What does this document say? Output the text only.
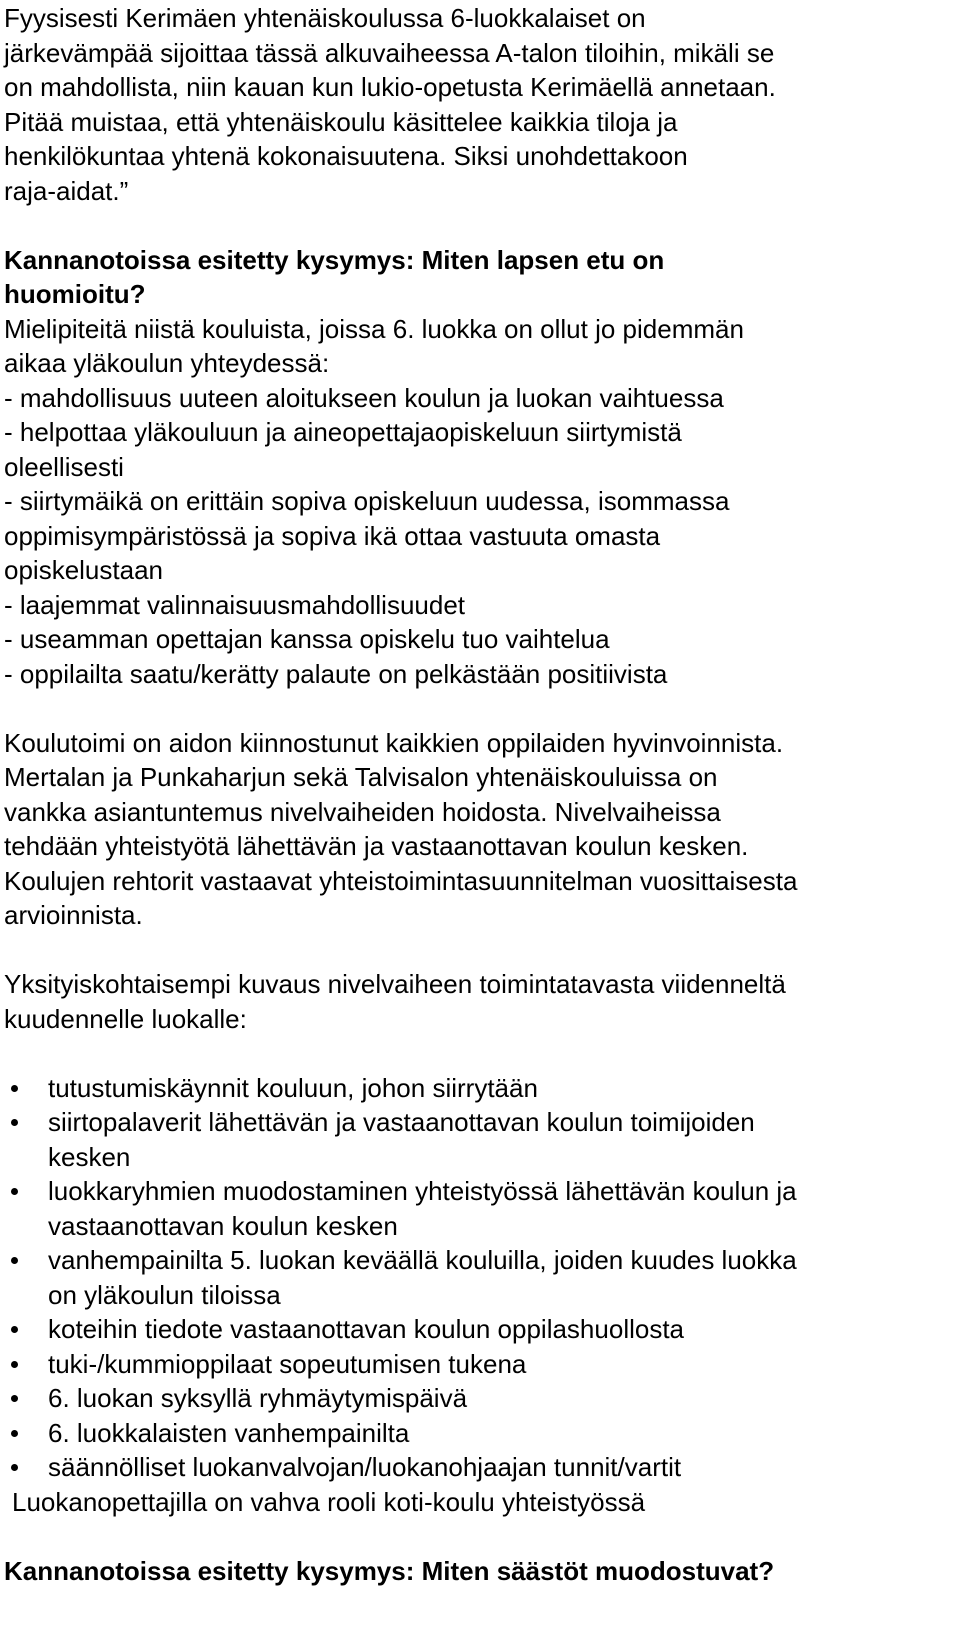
Fyysisesti Kerimäen yhtenäiskoulussa 6-luokkalaiset on
järkevämpää sijoittaa tässä alkuvaiheessa A-talon tiloihin, mikäli se
on mahdollista, niin kauan kun lukio-opetusta Kerimäellä annetaan.
Pitää muistaa, että yhtenäiskoulu käsittelee kaikkia tiloja ja
henkilökuntaa yhtenä kokonaisuutena. Siksi unohdettakoon
raja-aidat.”
Kannanotoissa esitetty kysymys: Miten lapsen etu on
huomioitu?
Mielipiteitä niistä kouluista, joissa 6. luokka on ollut jo pidemmän
aikaa yläkoulun yhteydessä:
- mahdollisuus uuteen aloitukseen koulun ja luokan vaihtuessa
- helpottaa yläkouluun ja aineopettajaopiskeluun siirtymistä
oleellisesti
- siirtymäikä on erittäin sopiva opiskeluun uudessa, isommassa
oppimisympäristössä ja sopiva ikä ottaa vastuuta omasta
opiskelustaan
- laajemmat valinnaisuusmahdollisuudet
- useamman opettajan kanssa opiskelu tuo vaihtelua
- oppilailta saatu/kerätty palaute on pelkästään positiivista
Koulutoimi on aidon kiinnostunut kaikkien oppilaiden hyvinvoinnista.
Mertalan ja Punkaharjun sekä Talvisalon yhtenäiskouluissa on
vankka asiantuntemus nivelvaiheiden hoidosta. Nivelvaiheissa
tehdään yhteistyötä lähettävän ja vastaanottavan koulun kesken.
Koulujen rehtorit vastaavat yhteistoimintasuunnitelman vuosittaisesta
arvioinnista.
Yksityiskohtaisempi kuvaus nivelvaiheen toimintatavasta viidenneltä
kuudennelle luokalle:
tutustumiskäynnit kouluun, johon siirrytään
siirtopalaverit lähettävän ja vastaanottavan koulun toimijoiden
kesken
luokkaryhmien muodostaminen yhteistyössä lähettävän koulun ja
vastaanottavan koulun kesken
vanhempainilta 5. luokan keväällä kouluilla, joiden kuudes luokka
on yläkoulun tiloissa
koteihin tiedote vastaanottavan koulun oppilashuollosta
tuki-/kummioppilaat sopeutumisen tukena
6. luokan syksyllä ryhmäytymispäivä
6. luokkalaisten vanhempainilta
säännölliset luokanvalvojan/luokanohjaajan tunnit/vartit
Luokanopettajilla on vahva rooli koti-koulu yhteistyössä
Kannanotoissa esitetty kysymys: Miten säästöt muodostuvat?
